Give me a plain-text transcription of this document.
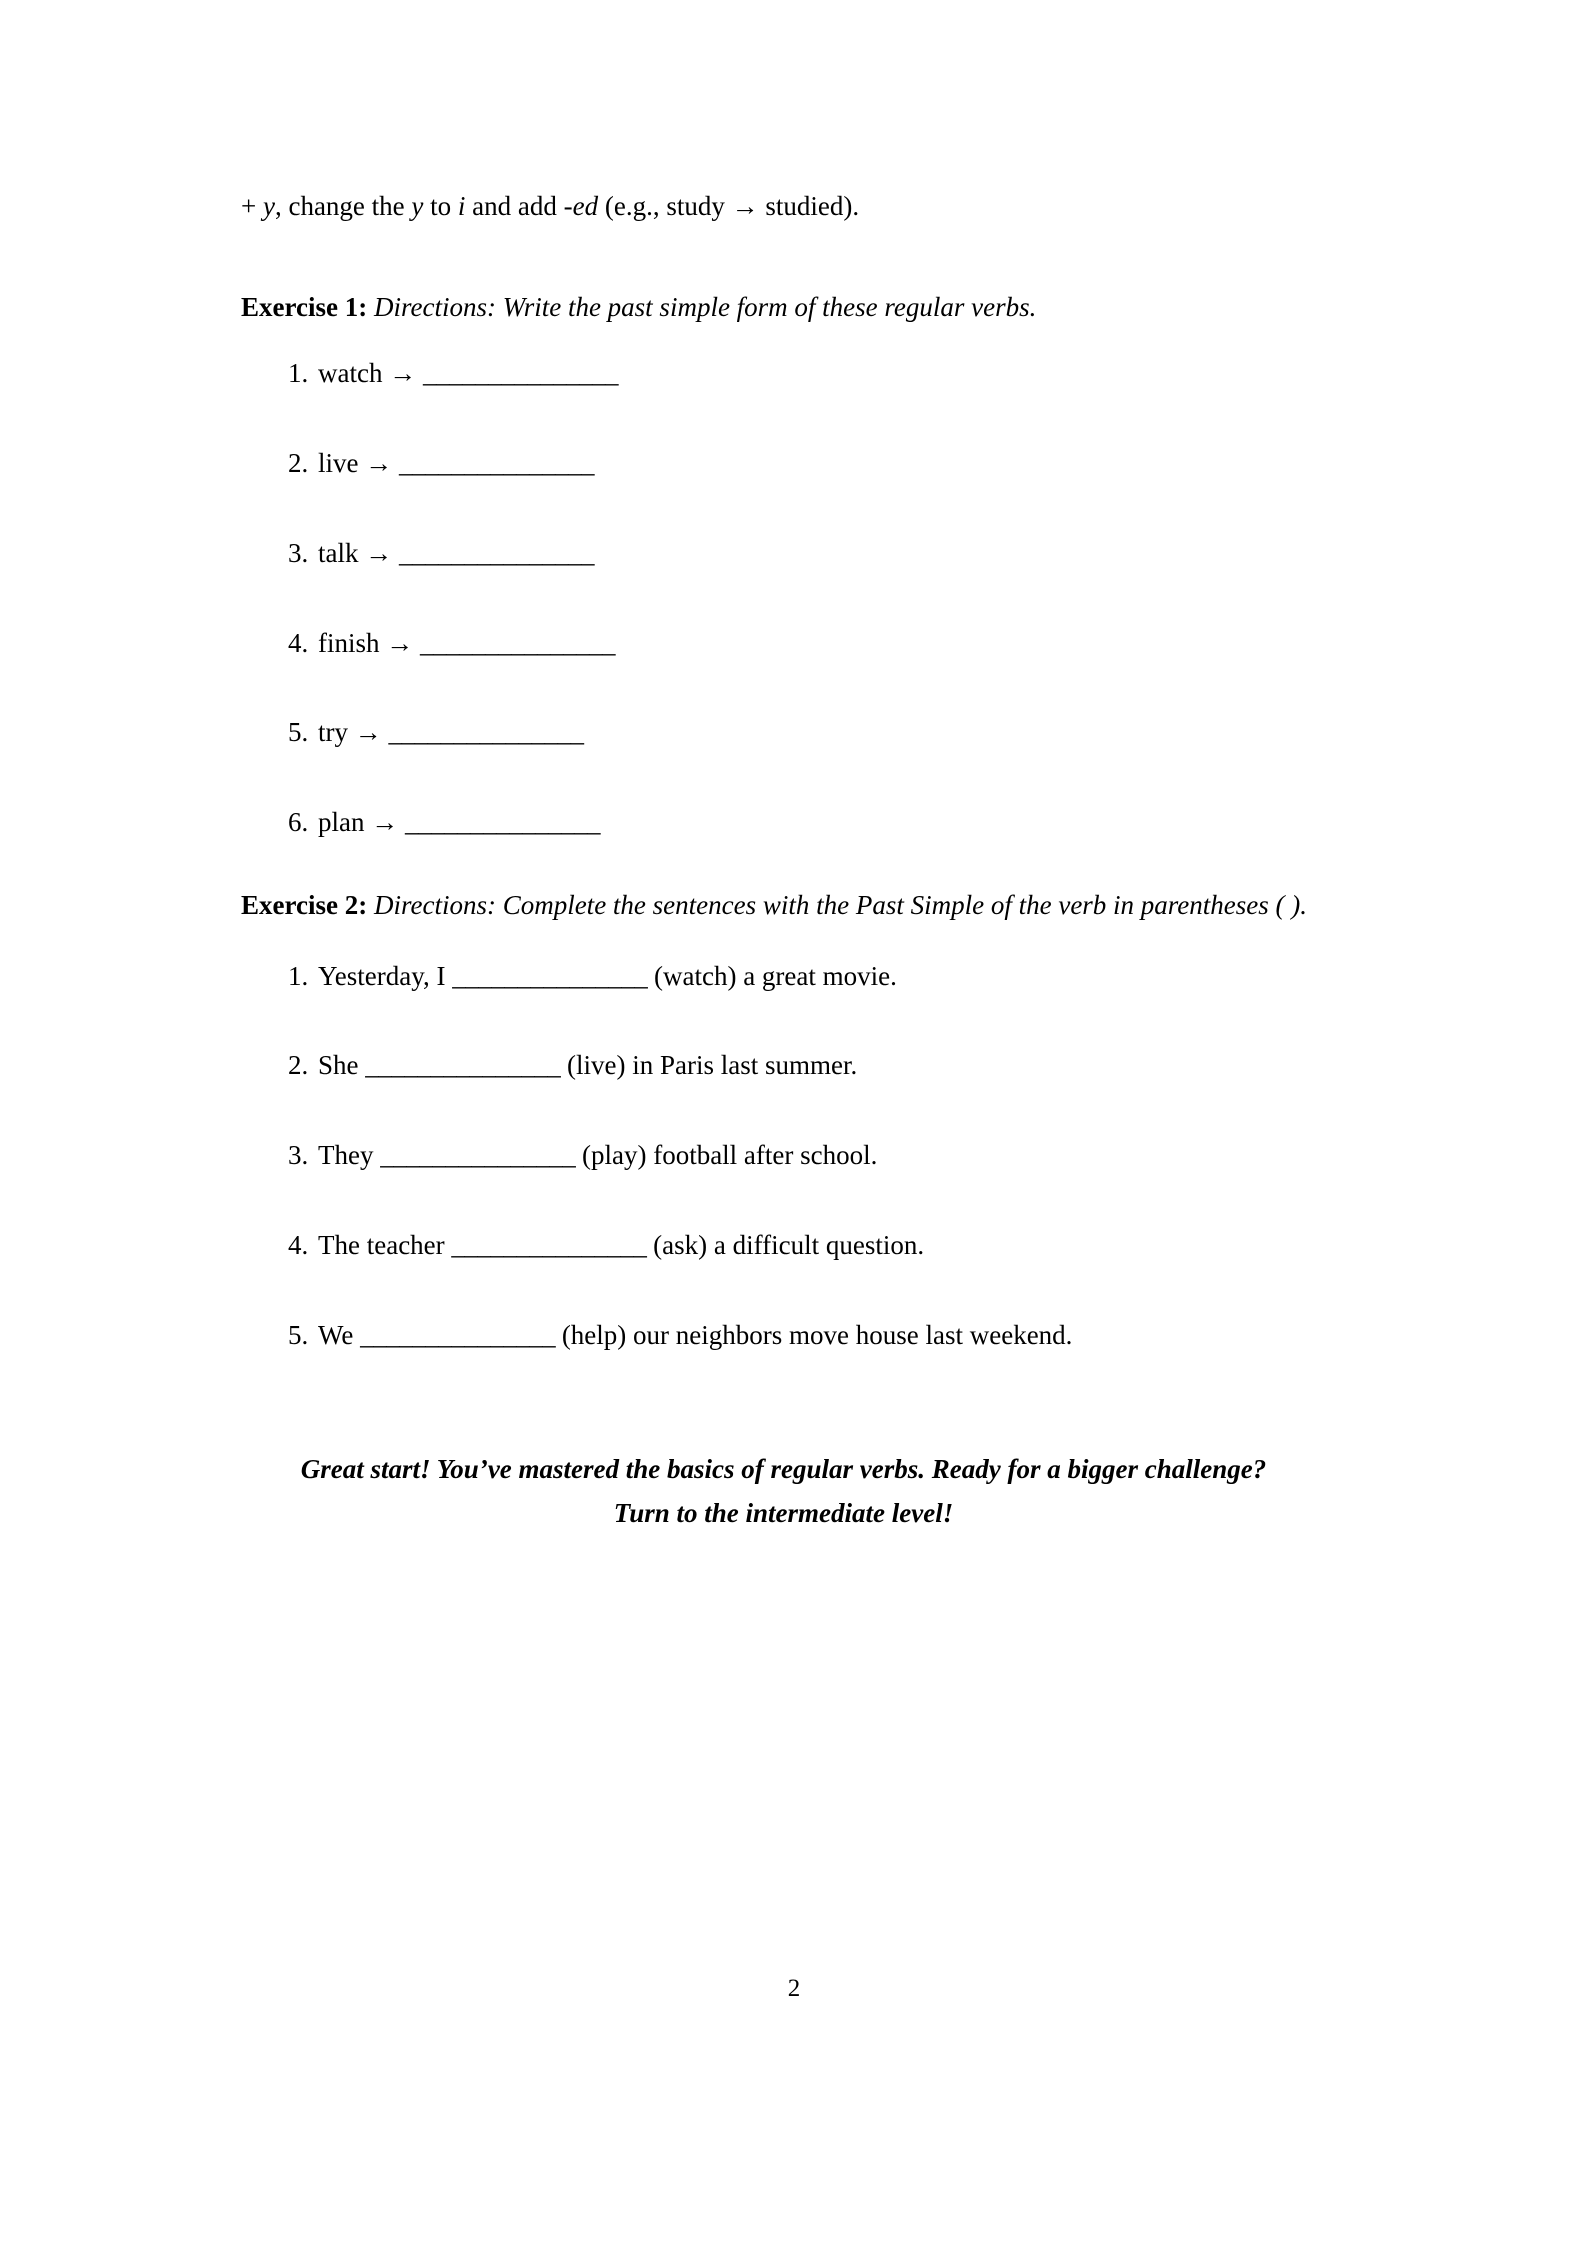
+ y, change the y to i and add -ed (e.g., study → studied).

Exercise 1: Directions: Write the past simple form of these regular verbs.

1. watch → _______________
2. live → _______________
3. talk → _______________
4. finish → _______________
5. try → _______________
6. plan → _______________

Exercise 2: Directions: Complete the sentences with the Past Simple of the verb in parentheses ( ).

1. Yesterday, I _______________ (watch) a great movie.
2. She _______________ (live) in Paris last summer.
3. They _______________ (play) football after school.
4. The teacher _______________ (ask) a difficult question.
5. We _______________ (help) our neighbors move house last weekend.

Great start! You’ve mastered the basics of regular verbs. Ready for a bigger challenge?
Turn to the intermediate level!

2
